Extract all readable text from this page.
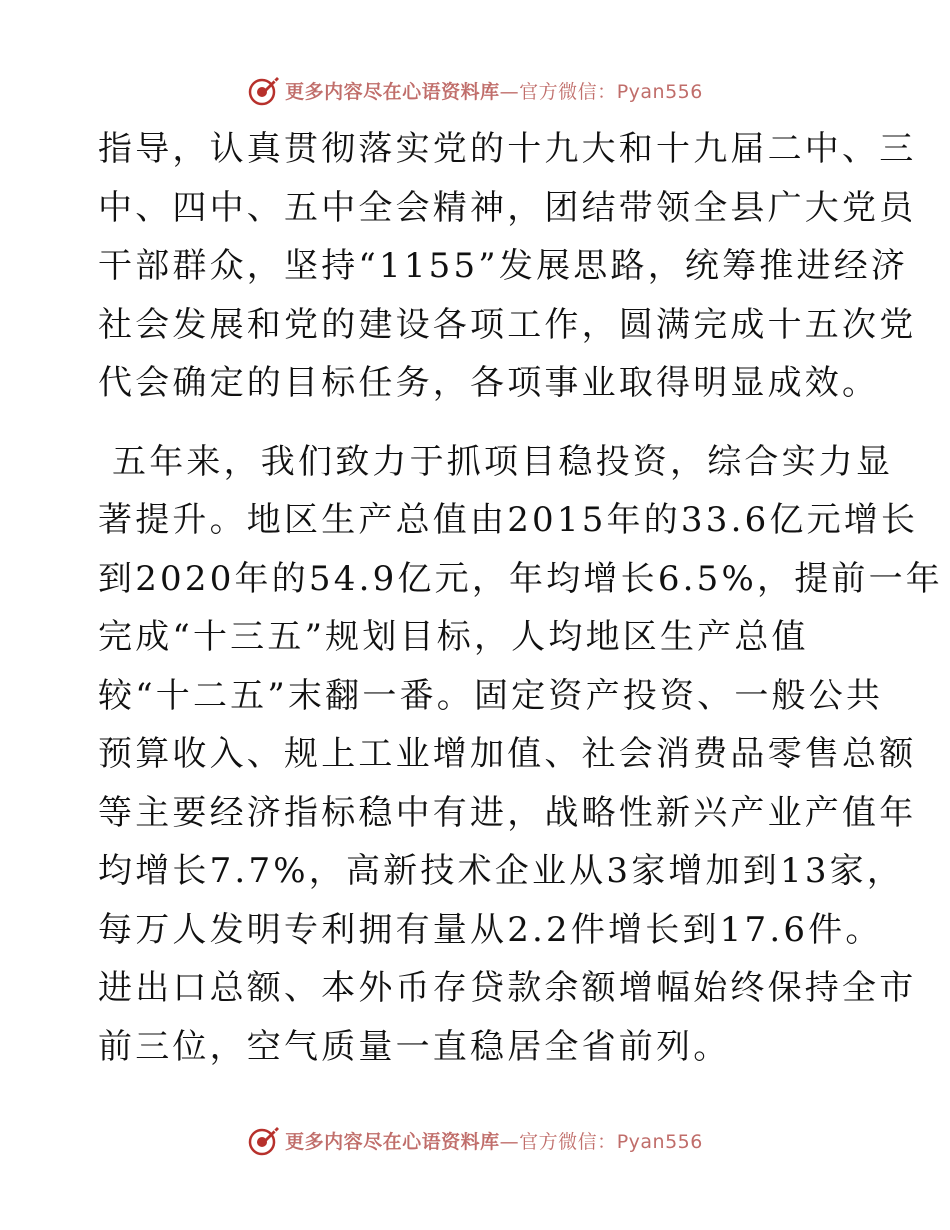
更多内容尽在心语资料库—官方微信：Pyan556
指导，认真贯彻落实党的十九大和十九届二中、三
中、四中、五中全会精神，团结带领全县广大党员
干部群众，坚持“1155”发展思路，统筹推进经济
社会发展和党的建设各项工作，圆满完成十五次党
代会确定的目标任务，各项事业取得明显成效。
五年来，我们致力于抓项目稳投资，综合实力显
著提升。地区生产总值由2015年的33.6亿元增长
到2020年的54.9亿元，年均增长6.5%，提前一年
完成“十三五”规划目标，人均地区生产总值
较“十二五”末翻一番。固定资产投资、一般公共
预算收入、规上工业增加值、社会消费品零售总额
等主要经济指标稳中有进，战略性新兴产业产值年
均增长7.7%，高新技术企业从3家增加到13家，
每万人发明专利拥有量从2.2件增长到17.6件。
进出口总额、本外币存贷款余额增幅始终保持全市
前三位，空气质量一直稳居全省前列。
更多内容尽在心语资料库—官方微信：Pyan556
